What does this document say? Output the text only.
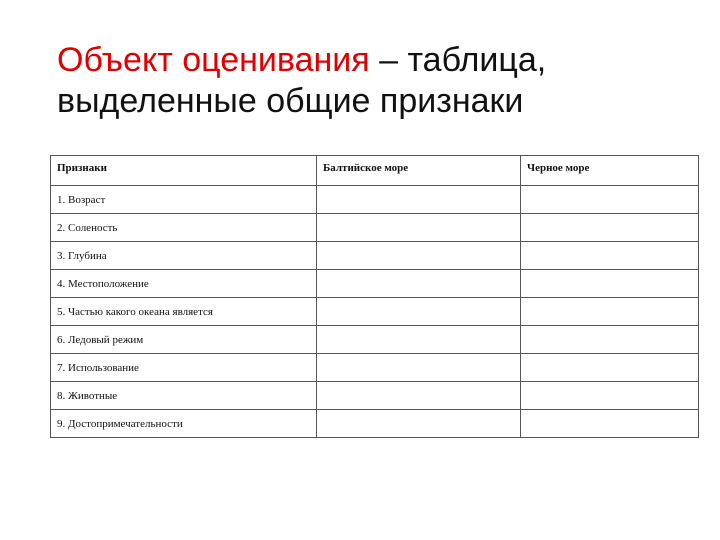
Объект оценивания – таблица,
выделенные общие признаки
Признаки	Балтийское море	Черное море
1. Возраст		
2. Соленость		
3. Глубина		
4. Местоположение		
5. Частью какого океана является		
6. Ледовый режим		
7. Использование		
8. Животные		
9. Достопримечательности		
